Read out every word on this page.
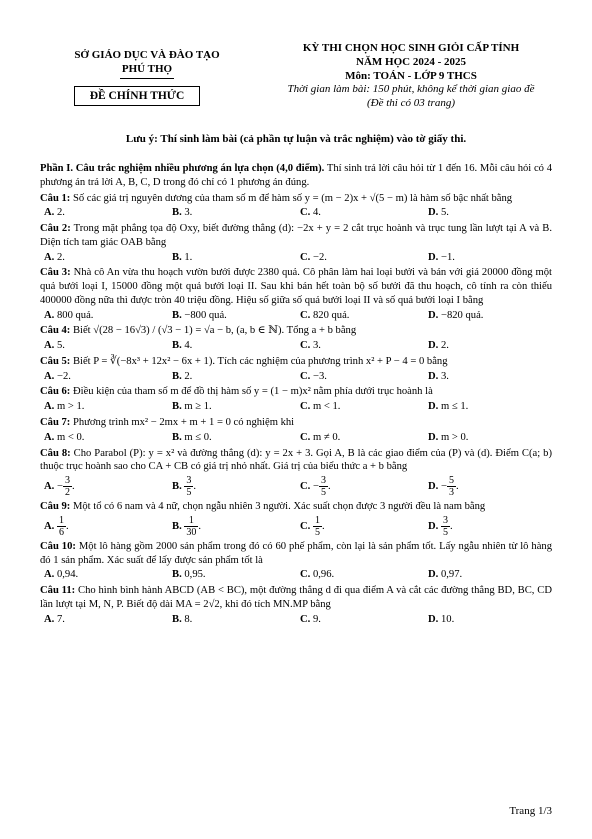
SỞ GIÁO DỤC VÀ ĐÀO TẠO
PHÚ THỌ
ĐỀ CHÍNH THỨC
KỲ THI CHỌN HỌC SINH GIỎI CẤP TỈNH
NĂM HỌC 2024 - 2025
Môn: TOÁN - LỚP 9 THCS
Thời gian làm bài: 150 phút, không kể thời gian giao đề
(Đề thi có 03 trang)
Lưu ý: Thí sinh làm bài (cả phần tự luận và trắc nghiệm) vào tờ giấy thi.

Phần I. Câu trắc nghiệm nhiều phương án lựa chọn (4,0 điểm). Thí sinh trả lời câu hỏi từ 1 đến 16. Mỗi câu hỏi có 4 phương án trả lời A, B, C, D trong đó chỉ có 1 phương án đúng.

Câu 1: Số các giá trị nguyên dương của tham số m để hàm số y = (m − 2)x + √(5 − m) là hàm số bậc nhất bằng

A. 2.	B. 3.	C. 4.	D. 5.

Câu 2: Trong mặt phẳng tọa độ Oxy, biết đường thẳng (d): −2x + y = 2 cắt trục hoành và trục tung lần lượt tại A và B. Diện tích tam giác OAB bằng

A. 2.	B. 1.	C. −2.	D. −1.

Câu 3: Nhà cô An vừa thu hoạch vườn bưởi được 2380 quả. Cô phân làm hai loại bưởi và bán với giá 20000 đồng một quả bưởi loại I, 15000 đồng một quả bưởi loại II. Sau khi bán hết toàn bộ số bưởi đã thu hoạch, cô tính ra còn thiếu 400000 đồng nữa thì được tròn 40 triệu đồng. Hiệu số giữa số quả bưởi loại II và số quả bưởi loại I bằng

A. 800 quả.	B. −800 quả.	C. 820 quả.	D. −820 quả.

Câu 4: Biết √(28 − 16√3) / (√3 − 1) = √a − b, (a, b ∈ ℕ). Tổng a + b bằng

A. 5.	B. 4.	C. 3.	D. 2.

Câu 5: Biết P = ∛(−8x³ + 12x² − 6x + 1). Tích các nghiệm của phương trình x² + P − 4 = 0 bằng

A. −2.	B. 2.	C. −3.	D. 3.

Câu 6: Điều kiện của tham số m để đồ thị hàm số y = (1 − m)x² nằm phía dưới trục hoành là

A. m > 1.	B. m ≥ 1.	C. m < 1.	D. m ≤ 1.

Câu 7: Phương trình mx² − 2mx + m + 1 = 0 có nghiệm khi

A. m < 0.	B. m ≤ 0.	C. m ≠ 0.	D. m > 0.

Câu 8: Cho Parabol (P): y = x² và đường thẳng (d): y = 2x + 3. Gọi A, B là các giao điểm của (P) và (d). Điểm C(a; b) thuộc trục hoành sao cho CA + CB có giá trị nhỏ nhất. Giá trị của biểu thức a + b bằng

A. − $\frac{3}{2}$ .	B. $\frac{3}{5}$ .	C. − $\frac{3}{5}$ .	D. − $\frac{5}{3}$ .

Câu 9: Một tổ có 6 nam và 4 nữ, chọn ngẫu nhiên 3 người. Xác suất chọn được 3 người đều là nam bằng

A. $\frac{1}{6}$ .	B. $\frac{1}{30}$ .	C. $\frac{1}{5}$ .	D. $\frac{3}{5}$ .

Câu 10: Một lô hàng gồm 2000 sản phẩm trong đó có 60 phế phẩm, còn lại là sản phẩm tốt. Lấy ngẫu nhiên từ lô hàng đó 1 sản phẩm. Xác suất để lấy được sản phẩm tốt là

A. 0,94.	B. 0,95.	C. 0,96.	D. 0,97.

Câu 11: Cho hình bình hành ABCD (AB < BC), một đường thẳng d đi qua điểm A và cắt các đường thẳng BD, BC, CD lần lượt tại M, N, P. Biết độ dài MA = 2√2, khi đó tích MN.MP bằng

A. 7.	B. 8.	C. 9.	D. 10.
Trang 1/3
